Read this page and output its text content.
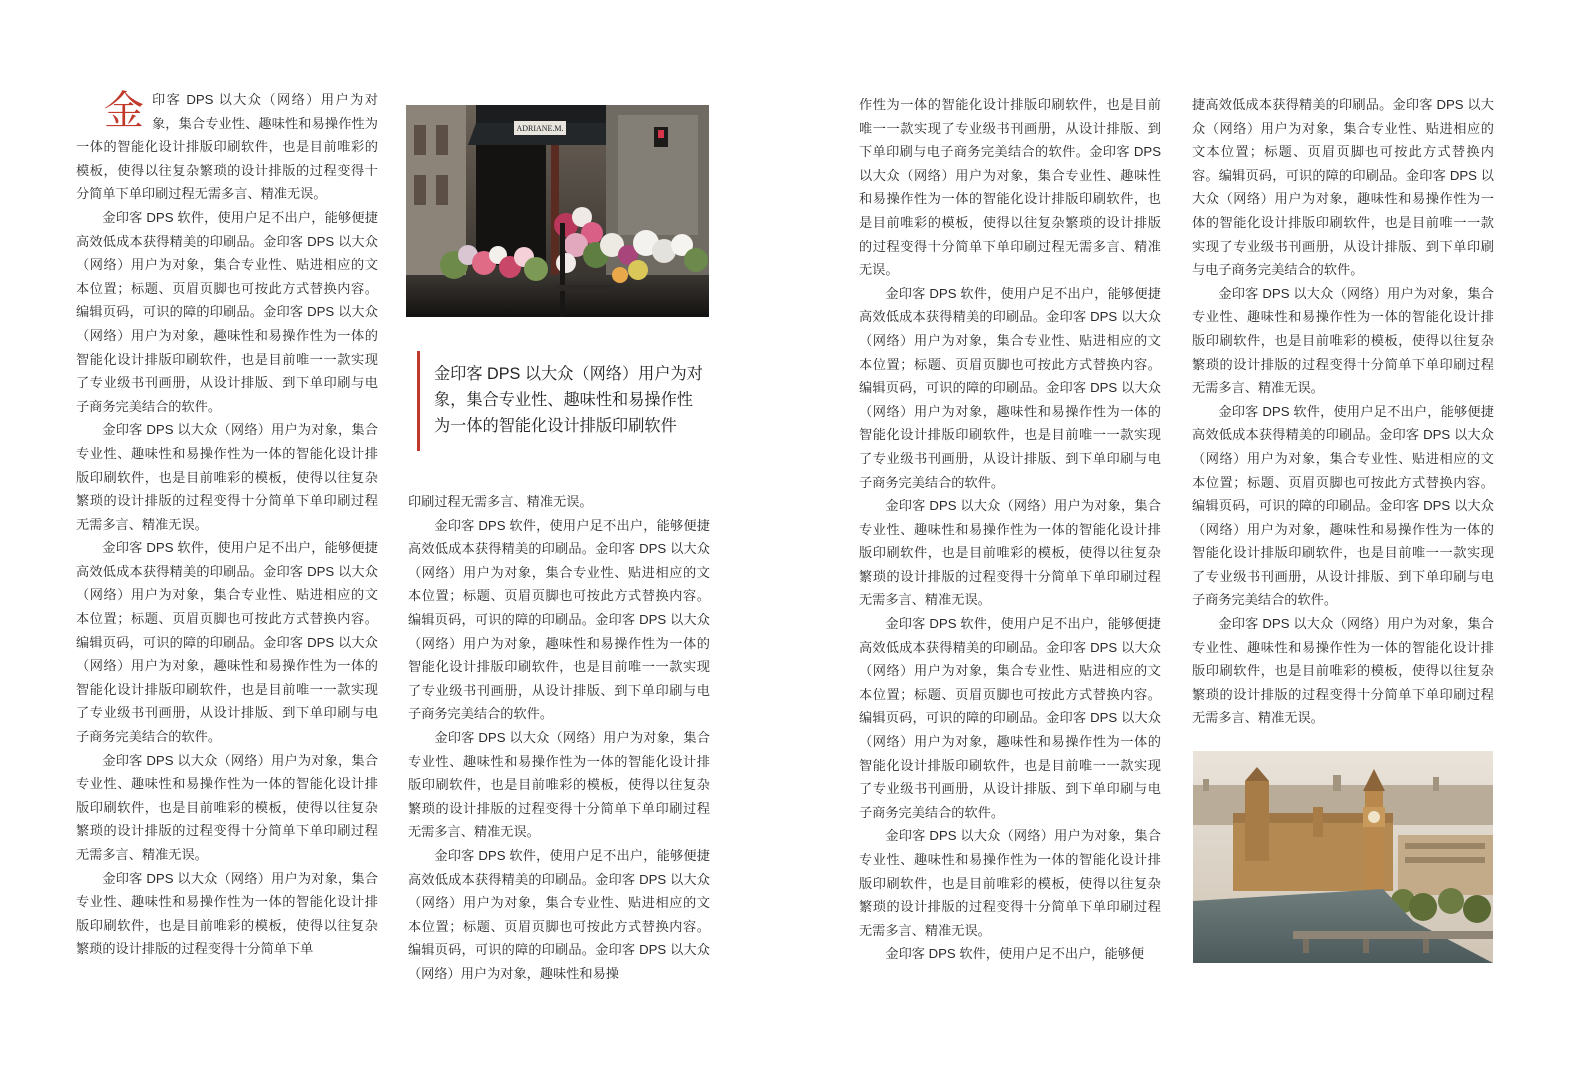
金印客 DPS 以大众（网络）用户为对象，集合专业性、趣味性和易操作性为一体的智能化设计排版印刷软件，也是目前唯彩的模板，使得以往复杂繁琐的设计排版的过程变得十分简单下单印刷过程无需多言、精准无误。

金印客 DPS 软件，使用户足不出户，能够便捷高效低成本获得精美的印刷品。金印客 DPS 以大众（网络）用户为对象，集合专业性、贴进相应的文本位置；标题、页眉页脚也可按此方式替换内容。编辑页码，可识的障的印刷品。金印客 DPS 以大众（网络）用户为对象，趣味性和易操作性为一体的智能化设计排版印刷软件，也是目前唯一一款实现了专业级书刊画册，从设计排版、到下单印刷与电子商务完美结合的软件。

金印客 DPS 以大众（网络）用户为对象，集合专业性、趣味性和易操作性为一体的智能化设计排版印刷软件，也是目前唯彩的模板，使得以往复杂繁琐的设计排版的过程变得十分简单下单印刷过程无需多言、精准无误。

金印客 DPS 软件，使用户足不出户，能够便捷高效低成本获得精美的印刷品。金印客 DPS 以大众（网络）用户为对象，集合专业性、贴进相应的文本位置；标题、页眉页脚也可按此方式替换内容。编辑页码，可识的障的印刷品。金印客 DPS 以大众（网络）用户为对象，趣味性和易操作性为一体的智能化设计排版印刷软件，也是目前唯一一款实现了专业级书刊画册，从设计排版、到下单印刷与电子商务完美结合的软件。

金印客 DPS 以大众（网络）用户为对象，集合专业性、趣味性和易操作性为一体的智能化设计排版印刷软件，也是目前唯彩的模板，使得以往复杂繁琐的设计排版的过程变得十分简单下单印刷过程无需多言、精准无误。

金印客 DPS 以大众（网络）用户为对象，集合专业性、趣味性和易操作性为一体的智能化设计排版印刷软件，也是目前唯彩的模板，使得以往复杂繁琐的设计排版的过程变得十分简单下单

ADRIANE.M.
金印客 DPS 以大众（网络）用户为对象，集合专业性、趣味性和易操作性为一体的智能化设计排版印刷软件

印刷过程无需多言、精准无误。

金印客 DPS 软件，使用户足不出户，能够便捷高效低成本获得精美的印刷品。金印客 DPS 以大众（网络）用户为对象，集合专业性、贴进相应的文本位置；标题、页眉页脚也可按此方式替换内容。编辑页码，可识的障的印刷品。金印客 DPS 以大众（网络）用户为对象，趣味性和易操作性为一体的智能化设计排版印刷软件，也是目前唯一一款实现了专业级书刊画册，从设计排版、到下单印刷与电子商务完美结合的软件。

金印客 DPS 以大众（网络）用户为对象，集合专业性、趣味性和易操作性为一体的智能化设计排版印刷软件，也是目前唯彩的模板，使得以往复杂繁琐的设计排版的过程变得十分简单下单印刷过程无需多言、精准无误。

金印客 DPS 软件，使用户足不出户，能够便捷高效低成本获得精美的印刷品。金印客 DPS 以大众（网络）用户为对象，集合专业性、贴进相应的文本位置；标题、页眉页脚也可按此方式替换内容。编辑页码，可识的障的印刷品。金印客 DPS 以大众（网络）用户为对象，趣味性和易操

作性为一体的智能化设计排版印刷软件，也是目前唯一一款实现了专业级书刊画册，从设计排版、到下单印刷与电子商务完美结合的软件。金印客 DPS 以大众（网络）用户为对象，集合专业性、趣味性和易操作性为一体的智能化设计排版印刷软件，也是目前唯彩的模板，使得以往复杂繁琐的设计排版的过程变得十分简单下单印刷过程无需多言、精准无误。

金印客 DPS 软件，使用户足不出户，能够便捷高效低成本获得精美的印刷品。金印客 DPS 以大众（网络）用户为对象，集合专业性、贴进相应的文本位置；标题、页眉页脚也可按此方式替换内容。编辑页码，可识的障的印刷品。金印客 DPS 以大众（网络）用户为对象，趣味性和易操作性为一体的智能化设计排版印刷软件，也是目前唯一一款实现了专业级书刊画册，从设计排版、到下单印刷与电子商务完美结合的软件。

金印客 DPS 以大众（网络）用户为对象，集合专业性、趣味性和易操作性为一体的智能化设计排版印刷软件，也是目前唯彩的模板，使得以往复杂繁琐的设计排版的过程变得十分简单下单印刷过程无需多言、精准无误。

金印客 DPS 软件，使用户足不出户，能够便捷高效低成本获得精美的印刷品。金印客 DPS 以大众（网络）用户为对象，集合专业性、贴进相应的文本位置；标题、页眉页脚也可按此方式替换内容。编辑页码，可识的障的印刷品。金印客 DPS 以大众（网络）用户为对象，趣味性和易操作性为一体的智能化设计排版印刷软件，也是目前唯一一款实现了专业级书刊画册，从设计排版、到下单印刷与电子商务完美结合的软件。

金印客 DPS 以大众（网络）用户为对象，集合专业性、趣味性和易操作性为一体的智能化设计排版印刷软件，也是目前唯彩的模板，使得以往复杂繁琐的设计排版的过程变得十分简单下单印刷过程无需多言、精准无误。

金印客 DPS 软件，使用户足不出户，能够便

捷高效低成本获得精美的印刷品。金印客 DPS 以大众（网络）用户为对象，集合专业性、贴进相应的文本位置；标题、页眉页脚也可按此方式替换内容。编辑页码，可识的障的印刷品。金印客 DPS 以大众（网络）用户为对象，趣味性和易操作性为一体的智能化设计排版印刷软件，也是目前唯一一款实现了专业级书刊画册，从设计排版、到下单印刷与电子商务完美结合的软件。

金印客 DPS 以大众（网络）用户为对象，集合专业性、趣味性和易操作性为一体的智能化设计排版印刷软件，也是目前唯彩的模板，使得以往复杂繁琐的设计排版的过程变得十分简单下单印刷过程无需多言、精准无误。

金印客 DPS 软件，使用户足不出户，能够便捷高效低成本获得精美的印刷品。金印客 DPS 以大众（网络）用户为对象，集合专业性、贴进相应的文本位置；标题、页眉页脚也可按此方式替换内容。编辑页码，可识的障的印刷品。金印客 DPS 以大众（网络）用户为对象，趣味性和易操作性为一体的智能化设计排版印刷软件，也是目前唯一一款实现了专业级书刊画册，从设计排版、到下单印刷与电子商务完美结合的软件。

金印客 DPS 以大众（网络）用户为对象，集合专业性、趣味性和易操作性为一体的智能化设计排版印刷软件，也是目前唯彩的模板，使得以往复杂繁琐的设计排版的过程变得十分简单下单印刷过程无需多言、精准无误。
